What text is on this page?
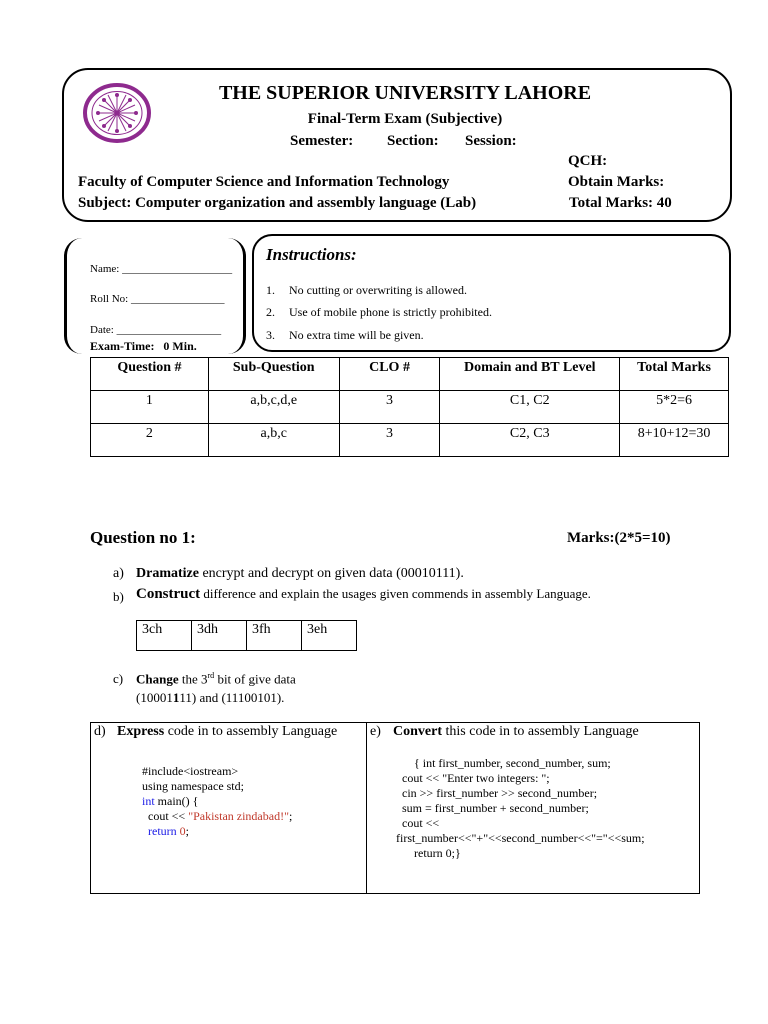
THE SUPERIOR UNIVERSITY LAHORE
Final-Term Exam (Subjective)
Semester: Section: Session:
QCH:
Faculty of Computer Science and Information Technology	Obtain Marks:
Subject: Computer organization and assembly language (Lab)	Total Marks: 40
Name: ____________________
Roll No: _________________
Date: ___________________
Exam-Time:   0 Min.
Instructions:
1. No cutting or overwriting is allowed.
2. Use of mobile phone is strictly prohibited.
3. No extra time will be given.
Question #	Sub-Question	CLO #	Domain and BT Level	Total Marks
1	a,b,c,d,e	3	C1, C2	5*2=6
2	a,b,c	3	C2, C3	8+10+12=30
Question no 1:	Marks:(2*5=10)
a) Dramatize encrypt and decrypt on given data (00010111).
b) Construct difference and explain the usages given commends in assembly Language.
3ch	3dh	3fh	3eh
c) Change the 3rd bit of give data
(10001111) and (11100101).
d) Express code in to assembly Language
#include<iostream>
using namespace std;
int main() {
cout << "Pakistan zindabad!";
return 0;
e) Convert this code in to assembly Language
{ int first_number, second_number, sum;
cout << "Enter two integers: ";
cin >> first_number >> second_number;
sum = first_number + second_number;
cout <<
first_number<<"+"<<second_number<<"="<<sum;
return 0;}
